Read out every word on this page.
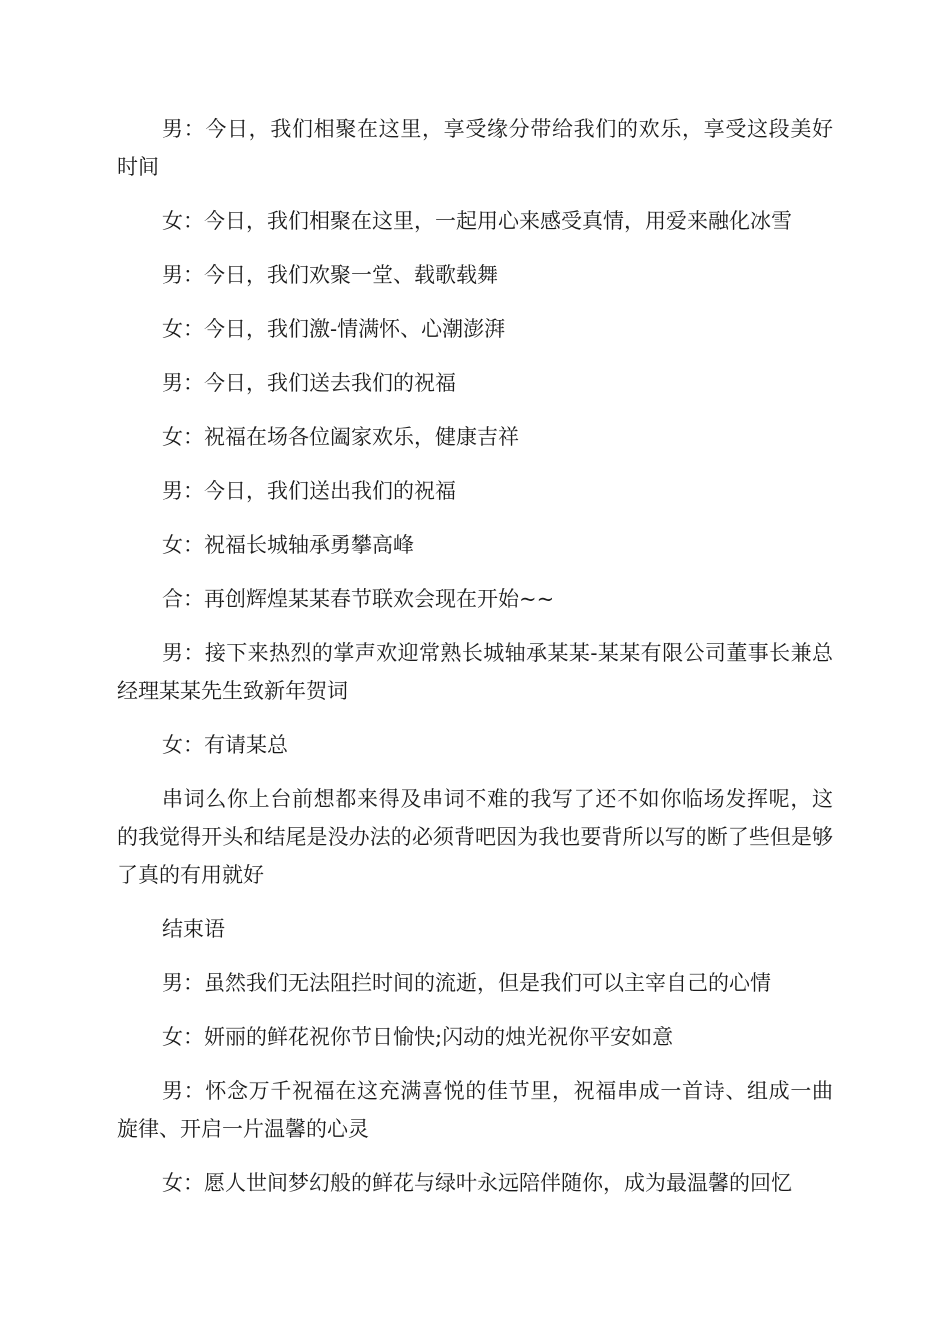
男：今日，我们相聚在这里，享受缘分带给我们的欢乐，享受这段美好时间

女：今日，我们相聚在这里，一起用心来感受真情，用爱来融化冰雪

男：今日，我们欢聚一堂、载歌载舞

女：今日，我们激-情满怀、心潮澎湃

男：今日，我们送去我们的祝福

女：祝福在场各位阖家欢乐，健康吉祥

男：今日，我们送出我们的祝福

女：祝福长城轴承勇攀高峰

合：再创辉煌某某春节联欢会现在开始~~

男：接下来热烈的掌声欢迎常熟长城轴承某某-某某有限公司董事长兼总经理某某先生致新年贺词

女：有请某总

串词么你上台前想都来得及串词不难的我写了还不如你临场发挥呢，这的我觉得开头和结尾是没办法的必须背吧因为我也要背所以写的断了些但是够了真的有用就好

结束语

男：虽然我们无法阻拦时间的流逝，但是我们可以主宰自己的心情

女：妍丽的鲜花祝你节日愉快;闪动的烛光祝你平安如意

男：怀念万千祝福在这充满喜悦的佳节里，祝福串成一首诗、组成一曲旋律、开启一片温馨的心灵

女：愿人世间梦幻般的鲜花与绿叶永远陪伴随你，成为最温馨的回忆
